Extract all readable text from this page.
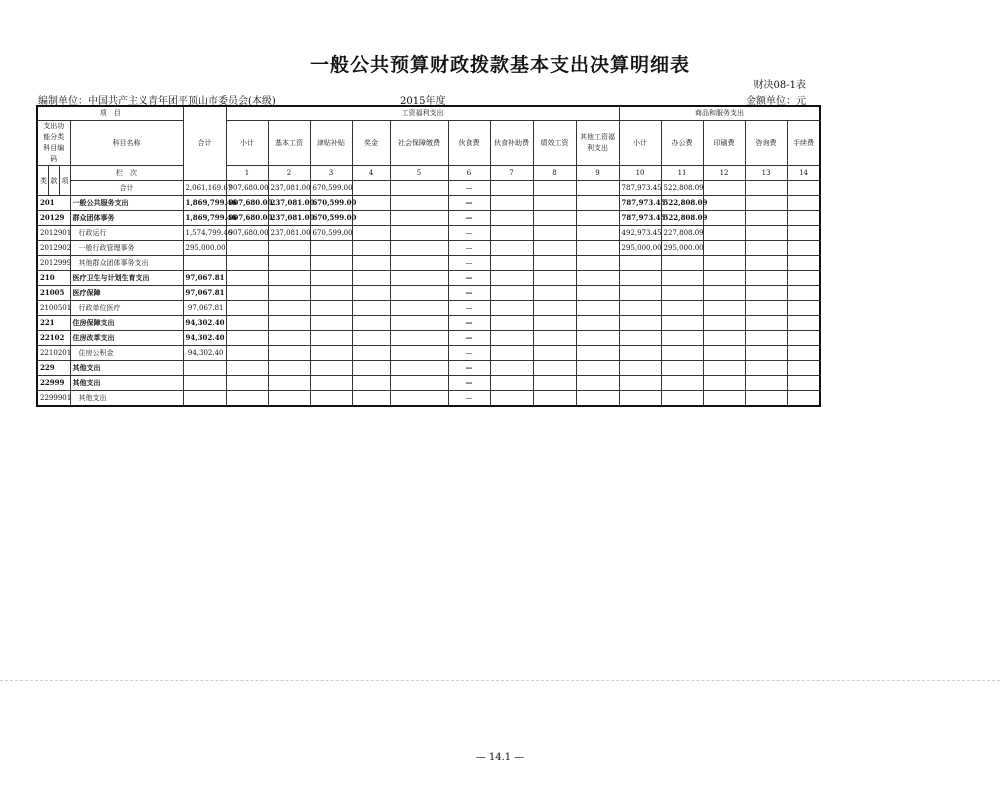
一般公共预算财政拨款基本支出决算明细表
财决08-1表
编制单位：中国共产主义青年团平顶山市委员会(本级)	2015年度	金额单位：元
项　目				合计	工资福利支出									商品和服务支出					
支出功能分类科目编码			科目名称		小计	基本工资	津贴补贴	奖金	社会保障缴费	伙食费	伙食补助费	绩效工资	其他工资福利支出	小计	办公费	印刷费	咨询费	手续费	
类	款	项	栏　次		1	2	3	4	5	6	7	8	9	10	11	12	13	14	
			合计	2,061,169.67	907,680.00	237,081.00	670,599.00			—				787,973.45	522,808.09				
201			一般公共服务支出	1,869,799.46	907,680.00	237,081.00	670,599.00			—				787,973.45	522,808.09				
20129			群众团体事务	1,869,799.46	907,680.00	237,081.00	670,599.00			—				787,973.45	522,808.09				
2012901			行政运行	1,574,799.46	907,680.00	237,081.00	670,599.00			—				492,973.45	227,808.09				
2012902			一般行政管理事务	295,000.00						—				295,000.00	295,000.00				
2012999			其他群众团体事务支出							—									
210			医疗卫生与计划生育支出	97,067.81						—									
21005			医疗保障	97,067.81						—									
2100501			行政单位医疗	97,067.81						—									
221			住房保障支出	94,302.40						—									
22102			住房改革支出	94,302.40						—									
2210201			住房公积金	94,302.40						—									
229			其他支出							—									
22999			其他支出							—									
2299901			其他支出							—									
— 14.1 —
